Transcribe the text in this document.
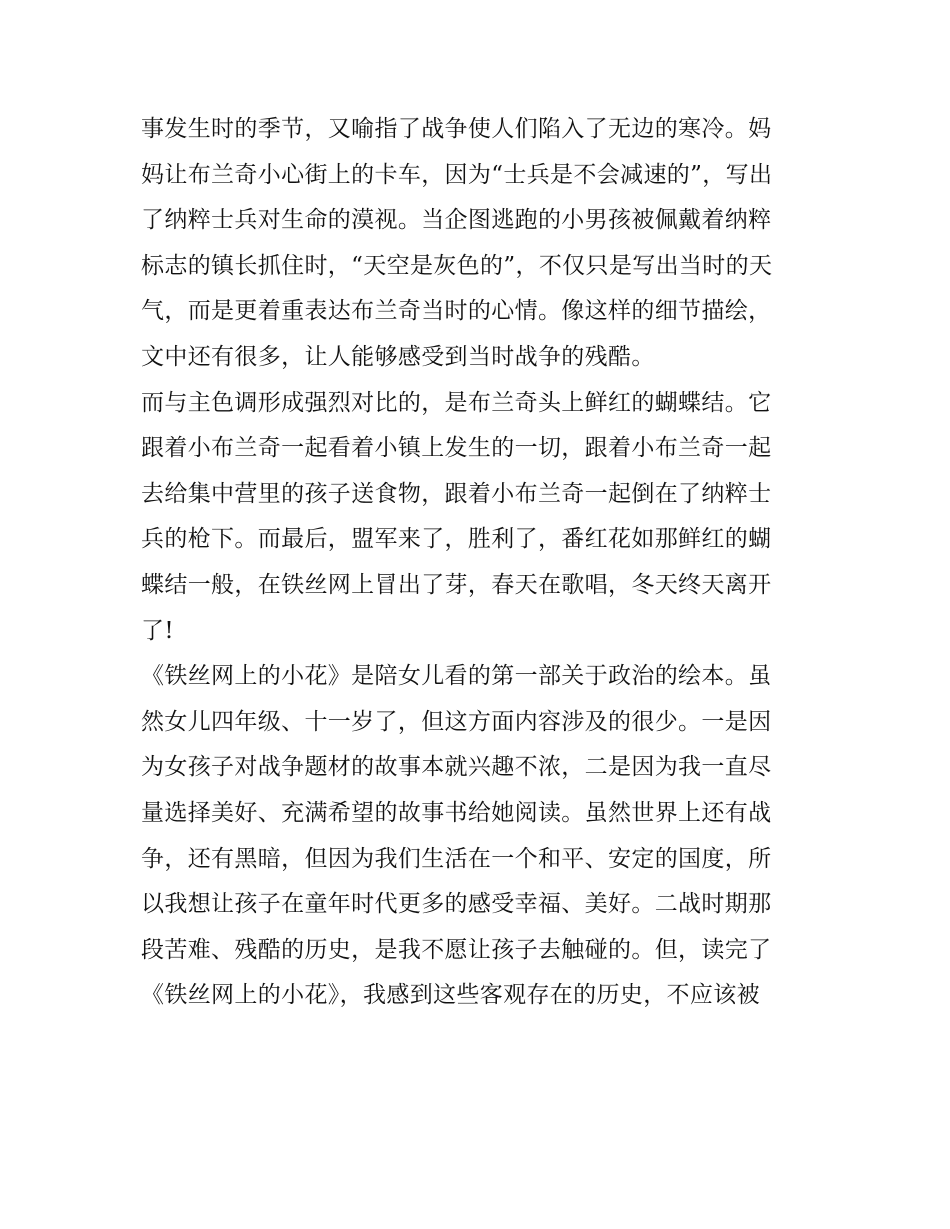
事发生时的季节，又喻指了战争使人们陷入了无边的寒冷。妈
妈让布兰奇小心街上的卡车，因为“士兵是不会减速的”，写出
了纳粹士兵对生命的漠视。当企图逃跑的小男孩被佩戴着纳粹
标志的镇长抓住时，“天空是灰色的”，不仅只是写出当时的天
气，而是更着重表达布兰奇当时的心情。像这样的细节描绘，
文中还有很多，让人能够感受到当时战争的残酷。
而与主色调形成强烈对比的，是布兰奇头上鲜红的蝴蝶结。它
跟着小布兰奇一起看着小镇上发生的一切，跟着小布兰奇一起
去给集中营里的孩子送食物，跟着小布兰奇一起倒在了纳粹士
兵的枪下。而最后，盟军来了，胜利了，番红花如那鲜红的蝴
蝶结一般，在铁丝网上冒出了芽，春天在歌唱，冬天终天离开
了!
《铁丝网上的小花》是陪女儿看的第一部关于政治的绘本。虽
然女儿四年级、十一岁了，但这方面内容涉及的很少。一是因
为女孩子对战争题材的故事本就兴趣不浓，二是因为我一直尽
量选择美好、充满希望的故事书给她阅读。虽然世界上还有战
争，还有黑暗，但因为我们生活在一个和平、安定的国度，所
以我想让孩子在童年时代更多的感受幸福、美好。二战时期那
段苦难、残酷的历史，是我不愿让孩子去触碰的。但，读完了
《铁丝网上的小花》，我感到这些客观存在的历史，不应该被
